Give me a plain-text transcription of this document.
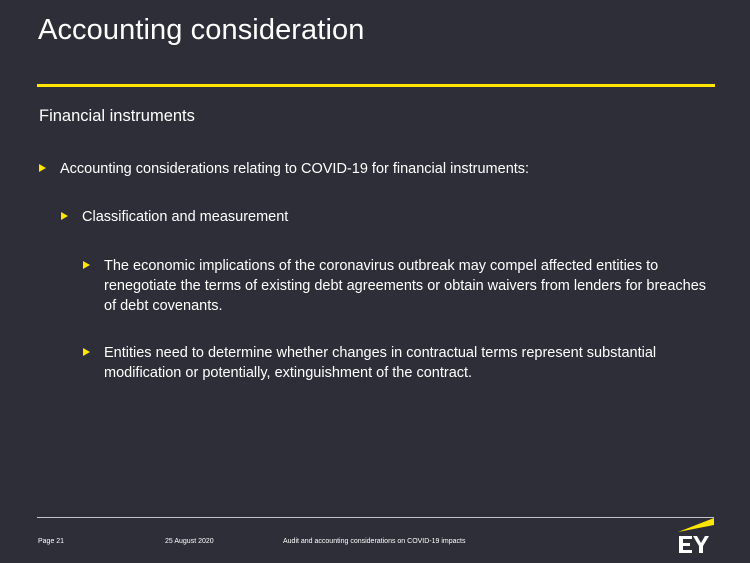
Accounting consideration
Financial instruments
Accounting considerations relating to COVID-19 for financial instruments:
Classification and measurement
The economic implications of the coronavirus outbreak may compel affected entities to renegotiate the terms of existing debt agreements or obtain waivers from lenders for breaches of debt covenants.
Entities need to determine whether changes in contractual terms represent substantial modification or potentially, extinguishment of the contract.
Page 21	25 August 2020	Audit and accounting considerations on COVID-19 impacts
